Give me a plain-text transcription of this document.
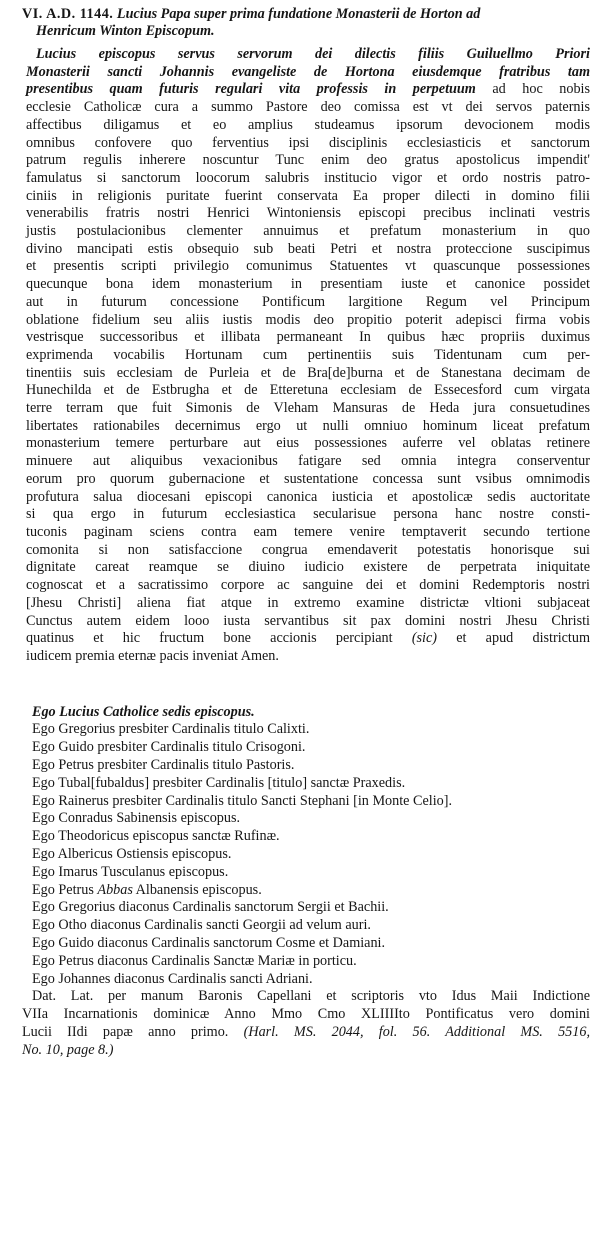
VI. A.D. 1144. Lucius Papa super prima fundatione Monasterii de Horton ad
Henricum Winton Episcopum.
Lucius episcopus servus servorum dei dilectis filiis Guiluellmo Priori
Monasterii sancti Johannis evangeliste de Hortona eiusdemque fratribus tam
presentibus quam futuris regulari vita professis in perpetuum ad hoc nobis
ecclesie Catholicæ cura a summo Pastore deo comissa est vt dei servos paternis
affectibus diligamus et eo amplius studeamus ipsorum devocionem modis
omnibus confovere quo ferventius ipsi disciplinis ecclesiasticis et sanctorum
patrum regulis inherere noscuntur Tunc enim deo gratus apostolicus impendit'
famulatus si sanctorum loocorum salubris institucio vigor et ordo nostris patro-
ciniis in religionis puritate fuerint conservata Ea proper dilecti in domino filii
venerabilis fratris nostri Henrici Wintoniensis episcopi precibus inclinati vestris
justis postulacionibus clementer annuimus et prefatum monasterium in quo
divino mancipati estis obsequio sub beati Petri et nostra proteccione suscipimus
et presentis scripti privilegio comunimus Statuentes vt quascunque possessiones
quecunque bona idem monasterium in presentiam iuste et canonice possidet
aut in futurum concessione Pontificum largitione Regum vel Principum
oblatione fidelium seu aliis iustis modis deo propitio poterit adepisci firma vobis
vestrisque successoribus et illibata permaneant In quibus hæc propriis duximus
exprimenda vocabilis Hortunam cum pertinentiis suis Tidentunam cum per-
tinentiis suis ecclesiam de Purleia et de Bra[de]burna et de Stanestana decimam de
Hunechilda et de Estbrugha et de Etteretuna ecclesiam de Essecesford cum virgata
terre terram que fuit Simonis de Vleham Mansuras de Heda jura consuetudines
libertates rationabiles decernimus ergo ut nulli omniuo hominum liceat prefatum
monasterium temere perturbare aut eius possessiones auferre vel oblatas retinere
minuere aut aliquibus vexacionibus fatigare sed omnia integra conserventur
eorum pro quorum gubernacione et sustentatione concessa sunt vsibus omnimodis
profutura salua diocesani episcopi canonica iusticia et apostolicæ sedis auctoritate
si qua ergo in futurum ecclesiastica secularisue persona hanc nostre consti-
tuconis paginam sciens contra eam temere venire temptaverit secundo tertione
comonita si non satisfaccione congrua emendaverit potestatis honorisque sui
dignitate careat reamque se diuino iudicio existere de perpetrata iniquitate
cognoscat et a sacratissimo corpore ac sanguine dei et domini Redemptoris nostri
[Jhesu Christi] aliena fiat atque in extremo examine districtæ vltioni subjaceat
Cunctus autem eidem looo iusta servantibus sit pax domini nostri Jhesu Christi
quatinus et hic fructum bone accionis percipiant (sic) et apud districtum
iudicem premia eternæ pacis inveniat Amen.
Ego Lucius Catholice sedis episcopus.
Ego Gregorius presbiter Cardinalis titulo Calixti.
Ego Guido presbiter Cardinalis titulo Crisogoni.
Ego Petrus presbiter Cardinalis titulo Pastoris.
Ego Tubal[fubaldus] presbiter Cardinalis [titulo] sanctæ Praxedis.
Ego Rainerus presbiter Cardinalis titulo Sancti Stephani [in Monte Celio].
Ego Conradus Sabinensis episcopus.
Ego Theodoricus episcopus sanctæ Rufinæ.
Ego Albericus Ostiensis episcopus.
Ego Imarus Tusculanus episcopus.
Ego Petrus Abbas Albanensis episcopus.
Ego Gregorius diaconus Cardinalis sanctorum Sergii et Bachii.
Ego Otho diaconus Cardinalis sancti Georgii ad velum auri.
Ego Guido diaconus Cardinalis sanctorum Cosme et Damiani.
Ego Petrus diaconus Cardinalis Sanctæ Mariæ in porticu.
Ego Johannes diaconus Cardinalis sancti Adriani.
Dat. Lat. per manum Baronis Capellani et scriptoris vto Idus Maii Indictione
VIIa Incarnationis dominicæ Anno Mmo Cmo XLIIIIto Pontificatus vero domini
Lucii IIdi papæ anno primo. (Harl. MS. 2044, fol. 56. Additional MS. 5516,
No. 10, page 8.)
